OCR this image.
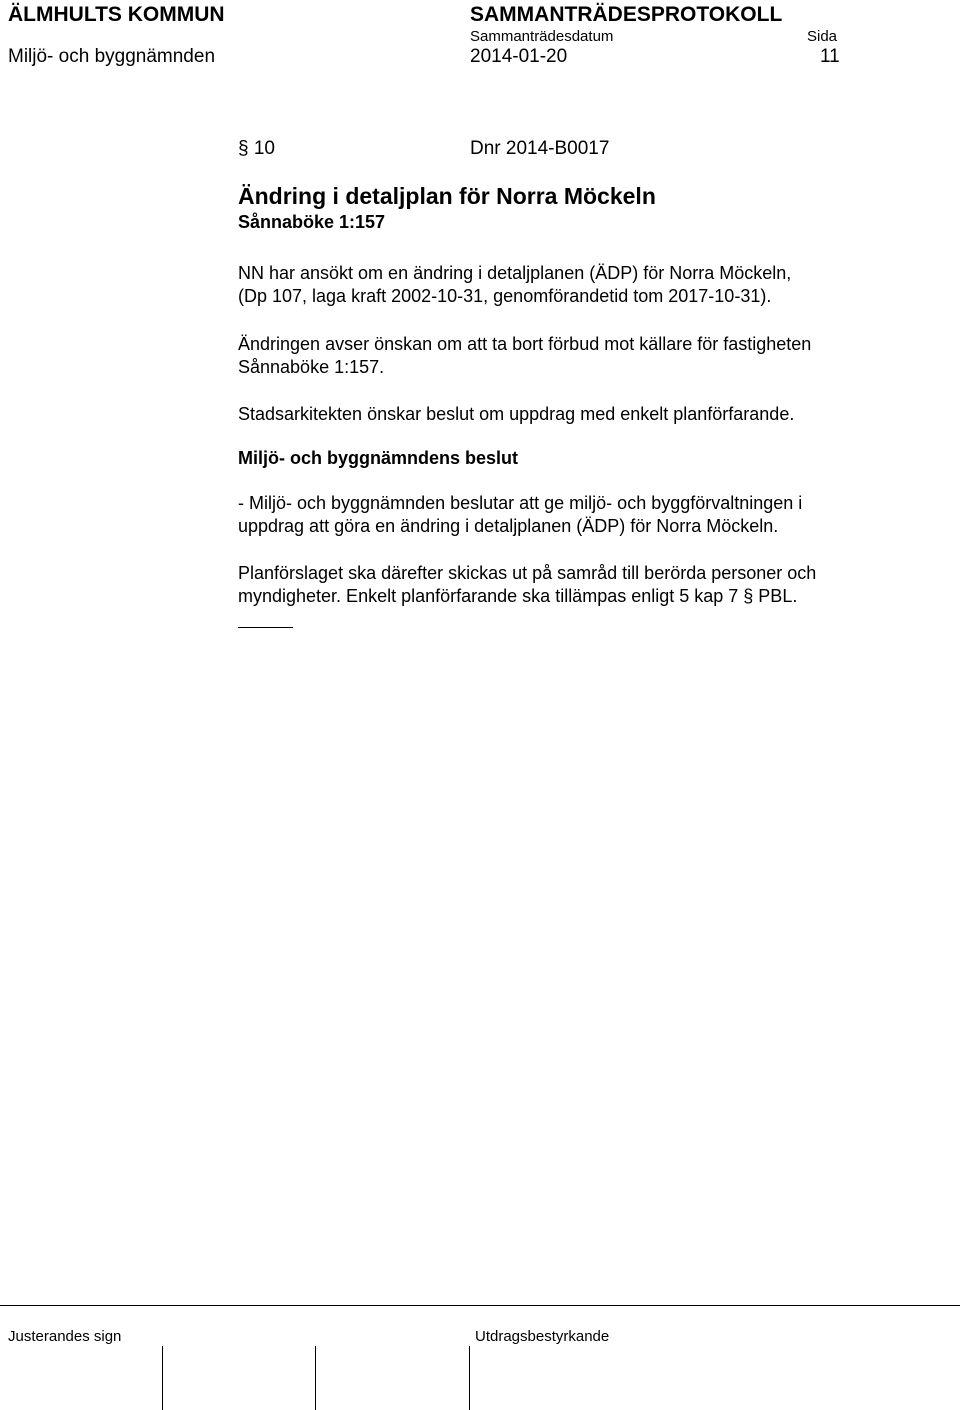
ÄLMHULTS KOMMUN	SAMMANTRÄDESPROTOKOLL
Sammanträdesdatum	Sida
Miljö- och byggnämnden	2014-01-20	11
§ 10	Dnr 2014-B0017
Ändring i detaljplan för Norra Möckeln
Sånnaböke 1:157
NN har ansökt om en ändring i detaljplanen (ÄDP) för Norra Möckeln,
(Dp 107, laga kraft 2002-10-31, genomförandetid tom 2017-10-31).
Ändringen avser önskan om att ta bort förbud mot källare för fastigheten
Sånnaböke 1:157.
Stadsarkitekten önskar beslut om uppdrag med enkelt planförfarande.
Miljö- och byggnämndens beslut
- Miljö- och byggnämnden beslutar att ge miljö- och byggförvaltningen i
uppdrag att göra en ändring i detaljplanen (ÄDP) för Norra Möckeln.
Planförslaget ska därefter skickas ut på samråd till berörda personer och
myndigheter. Enkelt planförfarande ska tillämpas enligt 5 kap 7 § PBL.
Justerandes sign	Utdragsbestyrkande
